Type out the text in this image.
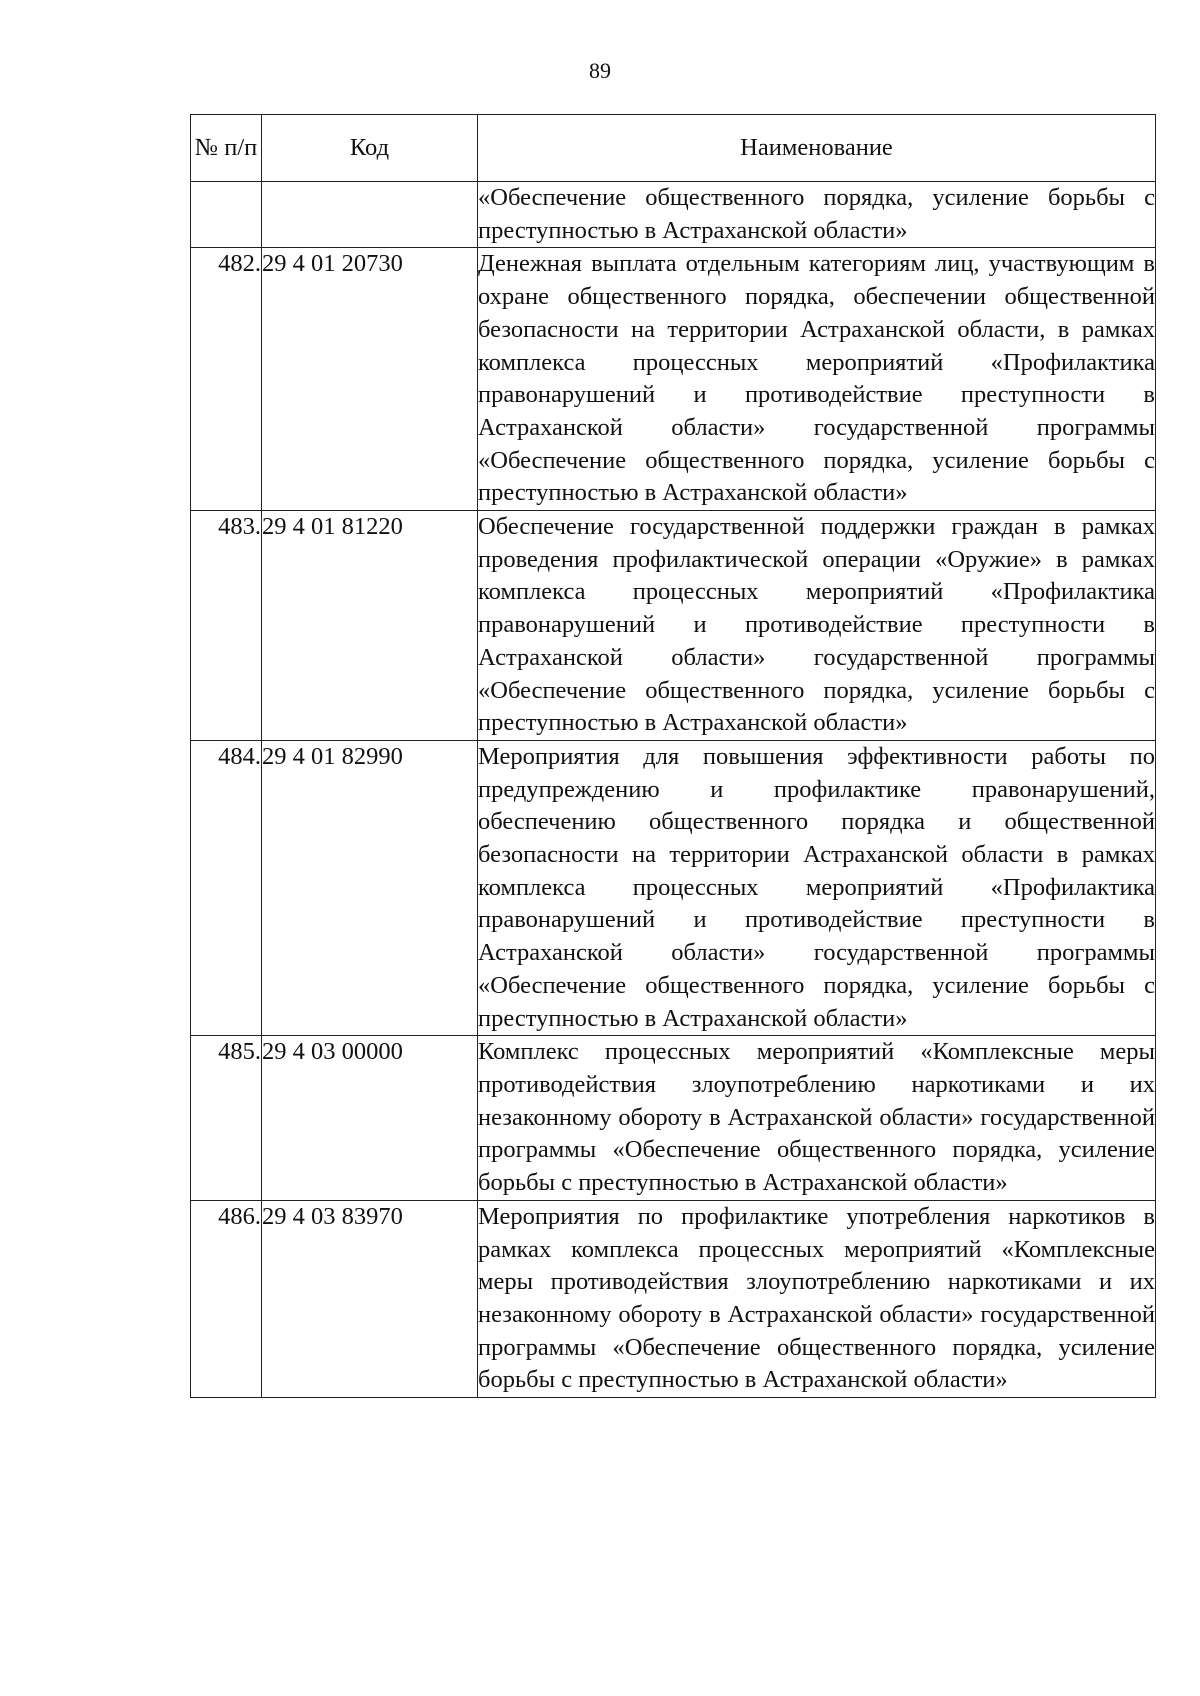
89
№ п/п	Код	Наименование
		«Обеспечение общественного порядка, усиление борьбы с преступностью в Астраханской области»
482.	29 4 01 20730	Денежная выплата отдельным категориям лиц, участвующим в охране общественного порядка, обеспечении общественной безопасности на территории Астраханской области, в рамках комплекса процессных мероприятий «Профилактика правонарушений и противодействие преступности в Астраханской области» государственной программы «Обеспечение общественного порядка, усиление борьбы с преступностью в Астраханской области»
483.	29 4 01 81220	Обеспечение государственной поддержки граждан в рамках проведения профилактической операции «Оружие» в рамках комплекса процессных мероприятий «Профилактика правонарушений и противодействие преступности в Астраханской области» государственной программы «Обеспечение общественного порядка, усиление борьбы с преступностью в Астраханской области»
484.	29 4 01 82990	Мероприятия для повышения эффективности работы по предупреждению и профилактике правонарушений, обеспечению общественного порядка и общественной безопасности на территории Астраханской области в рамках комплекса процессных мероприятий «Профилактика правонарушений и противодействие преступности в Астраханской области» государственной программы «Обеспечение общественного порядка, усиление борьбы с преступностью в Астраханской области»
485.	29 4 03 00000	Комплекс процессных мероприятий «Комплексные меры противодействия злоупотреблению наркотиками и их незаконному обороту в Астраханской области» государственной программы «Обеспечение общественного порядка, усиление борьбы с преступностью в Астраханской области»
486.	29 4 03 83970	Мероприятия по профилактике употребления наркотиков в рамках комплекса процессных мероприятий «Комплексные меры противодействия злоупотреблению наркотиками и их незаконному обороту в Астраханской области» государственной программы «Обеспечение общественного порядка, усиление борьбы с преступностью в Астраханской области»
